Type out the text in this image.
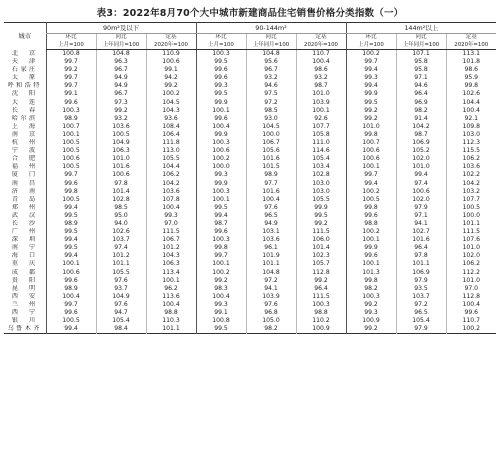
表3：2022年8月70个大中城市新建商品住宅销售价格分类指数（一）
城市	90m²及以下			90-144m²			144m²以上		
	环比	同比	定基	环比	同比	定基	环比	同比	定基
	上月=100	上年同月=100	2020年=100	上月=100	上年同月=100	2020年=100	上月=100	上年同月=100	2020年=100
北　京	100.8	104.8	110.9	100.3	104.8	110.7	100.2	107.1	113.1
天　津	99.7	96.3	100.6	99.5	95.6	100.4	99.7	95.8	101.8
石家庄	99.2	96.7	99.1	99.6	96.7	98.6	99.4	95.8	98.6
太　原	99.7	94.9	94.2	99.6	93.2	93.2	99.3	97.1	95.9
呼和浩特	99.7	94.9	99.2	99.3	94.6	98.7	99.4	94.6	99.8
沈　阳	99.1	96.7	100.2	99.5	97.5	101.0	99.9	96.4	102.6
大　连	99.6	97.3	104.5	99.9	97.2	103.9	99.5	96.9	104.4
长　春	100.3	99.2	104.3	100.1	98.5	100.1	99.2	98.2	100.4
哈尔滨	98.9	93.2	93.6	99.6	93.0	92.6	99.2	91.4	92.1
上　海	100.7	103.6	108.4	100.4	104.5	107.7	101.0	104.2	109.8
南　京	100.1	100.5	106.4	99.9	100.0	105.8	99.8	98.7	103.0
杭　州	100.5	104.9	111.8	100.3	106.7	111.0	100.7	106.9	112.3
宁　波	100.5	106.3	113.0	100.6	105.6	114.6	100.6	105.2	115.5
合　肥	100.6	101.0	105.5	100.2	101.6	105.4	100.6	102.0	106.2
福　州	100.5	101.6	104.4	100.0	101.5	103.4	100.1	101.0	103.6
厦　门	99.7	100.6	106.2	99.3	98.9	102.8	99.7	99.4	102.2
南　昌	99.6	97.8	104.2	99.9	97.7	103.0	99.4	97.4	104.2
济　南	99.8	101.4	103.6	100.3	101.6	103.0	100.2	100.6	103.2
青　岛	100.5	102.8	107.8	100.1	100.4	105.5	100.5	102.0	107.7
郑　州	99.4	98.5	100.4	99.5	97.6	99.9	99.8	97.9	100.5
武　汉	99.5	95.0	99.3	99.4	96.5	99.5	99.6	97.1	100.0
长　沙	98.9	94.0	97.0	98.7	94.9	99.2	98.8	94.1	101.1
广　州	99.5	102.6	111.5	99.6	103.1	111.5	100.2	102.7	111.5
深　圳	99.4	103.7	106.7	100.3	103.6	106.0	100.1	101.6	107.6
南　宁	99.5	97.4	101.2	99.8	96.1	101.4	99.9	96.4	101.0
海　口	99.4	101.2	104.3	99.7	101.9	102.3	99.6	97.8	102.0
重　庆	100.1	101.1	106.3	100.1	101.1	105.7	100.1	101.1	106.2
成　都	100.6	105.5	113.4	100.2	104.8	112.8	101.3	106.9	112.2
贵　阳	99.6	97.6	100.1	99.2	97.2	99.2	99.8	97.9	101.0
昆　明	98.9	93.7	96.2	98.3	94.1	96.4	98.2	93.5	97.0
西　安	100.4	104.9	113.6	100.4	103.9	111.5	100.3	103.7	112.8
兰　州	99.7	97.6	100.4	99.3	97.6	100.3	99.2	97.2	100.4
西　宁	99.6	94.7	98.8	99.1	96.8	98.8	99.3	96.5	99.6
银　川	100.5	105.4	110.3	100.8	105.0	110.2	100.9	105.4	110.7
乌鲁木齐	99.4	98.4	101.1	99.5	98.2	100.9	99.2	97.9	100.2
